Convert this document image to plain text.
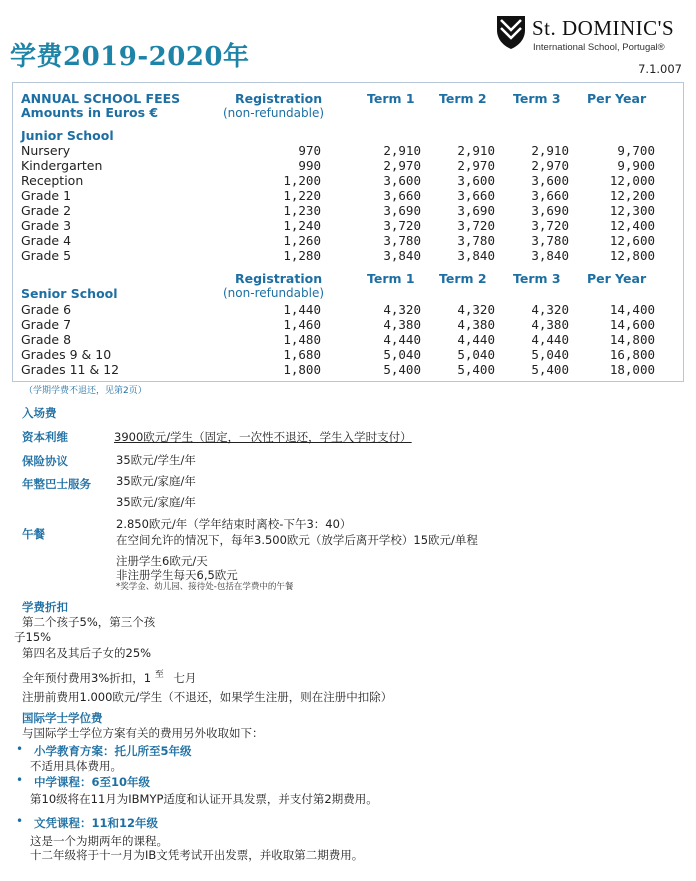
学费2019-2020年
St. DOMINIC'S
International School, Portugal®
7.1.007
ANNUAL SCHOOL FEES
Amounts in Euros €
Registration
(non-refundable)
Term 1 Term 2 Term 3 Per Year
Junior School
Nursery	970	2,910	2,910	2,910	9,700
Kindergarten	990	2,970	2,970	2,970	9,900
Reception	1,200	3,600	3,600	3,600	12,000
Grade 1	1,220	3,660	3,660	3,660	12,200
Grade 2	1,230	3,690	3,690	3,690	12,300
Grade 3	1,240	3,720	3,720	3,720	12,400
Grade 4	1,260	3,780	3,780	3,780	12,600
Grade 5	1,280	3,840	3,840	3,840	12,800
Registration
(non-refundable)
Term 1 Term 2 Term 3 Per Year
Senior School
Grade 6	1,440	4,320	4,320	4,320	14,400
Grade 7	1,460	4,380	4,380	4,380	14,600
Grade 8	1,480	4,440	4,440	4,440	14,800
Grades 9 & 10	1,680	5,040	5,040	5,040	16,800
Grades 11 & 12	1,800	5,400	5,400	5,400	18,000
（学期学费不退还，见第2页）
入场费
资本利维	3900欧元/学生（固定，一次性不退还，学生入学时支付）
保险协议	35欧元/学生/年
年整巴士服务 35欧元/家庭/年
35欧元/家庭/年
午餐
2.850欧元/年（学年结束时离校-下午3：40）
在空间允许的情况下，每年3.500欧元（放学后离开学校）15欧元/单程
注册学生6欧元/天
非注册学生每天6,5欧元
*奖学金、幼儿园、接待处-包括在学费中的午餐
学费折扣
第二个孩子5%，第三个孩
子15%
第四名及其后子女的25%
全年预付费用3%折扣，1 $^至$ 七月
注册前费用1.000欧元/学生（不退还，如果学生注册，则在注册中扣除）
国际学士学位费
与国际学士学位方案有关的费用另外收取如下：
• 小学教育方案：托儿所至5年级
不适用具体费用。
• 中学课程：6至10年级
第10级将在11月为IBMYP适度和认证开具发票，并支付第2期费用。
• 文凭课程：11和12年级
这是一个为期两年的课程。
十二年级将于十一月为IB文凭考试开出发票，并收取第二期费用。
